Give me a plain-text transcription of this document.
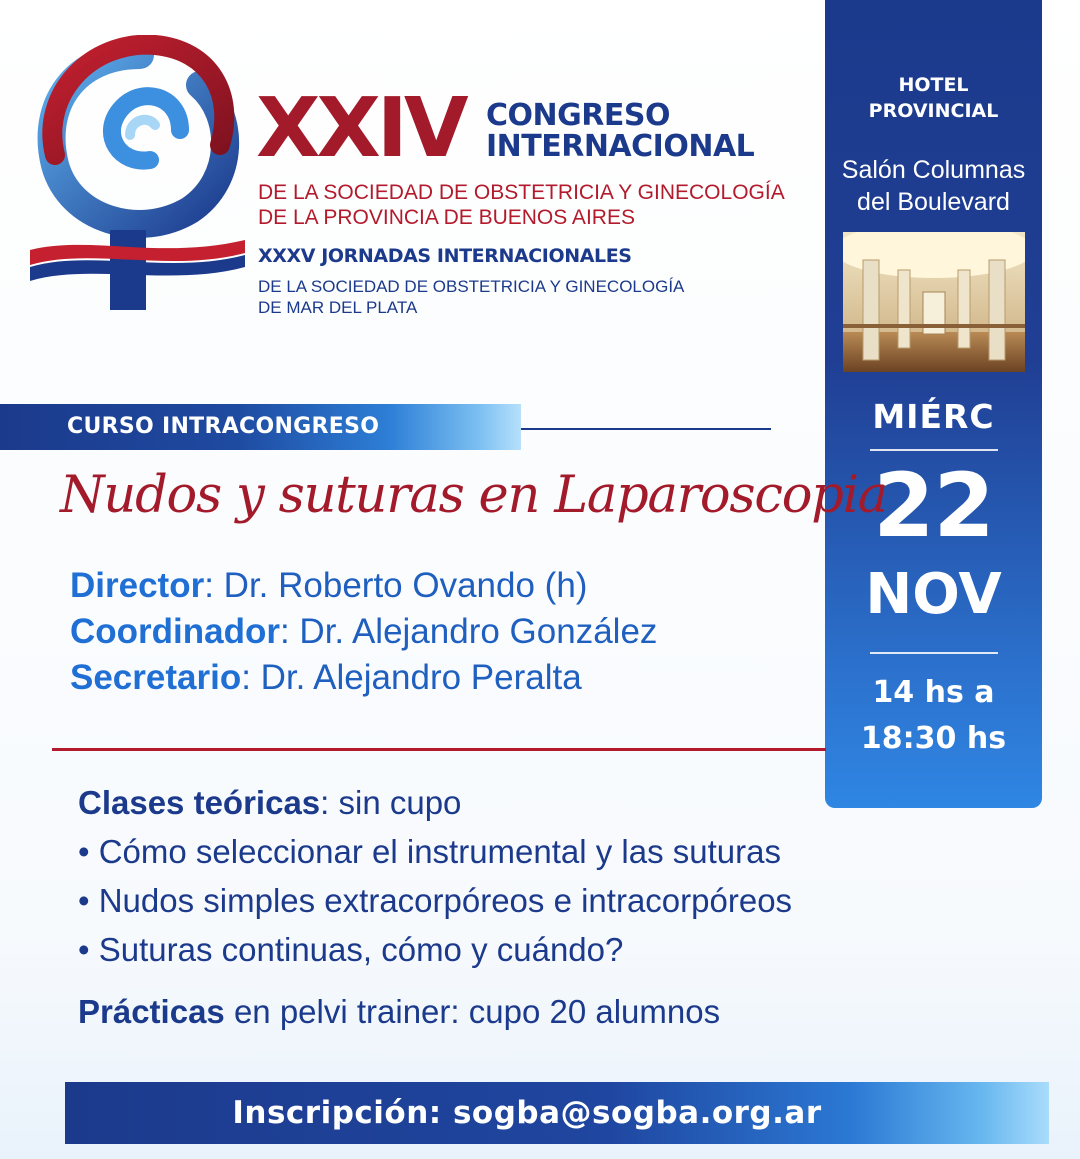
XXIV CONGRESO
INTERNACIONAL
DE LA SOCIEDAD DE OBSTETRICIA Y GINECOLOGÍA
DE LA PROVINCIA DE BUENOS AIRES
XXXV JORNADAS INTERNACIONALES
DE LA SOCIEDAD DE OBSTETRICIA Y GINECOLOGÍA
DE MAR DEL PLATA
HOTEL
PROVINCIAL
Salón Columnas
del Boulevard
MIÉRC
22
NOV
14 hs a
18:30 hs
CURSO INTRACONGRESO
Nudos y suturas en Laparoscopia
Director: Dr. Roberto Ovando (h)
Coordinador: Dr. Alejandro González
Secretario: Dr. Alejandro Peralta
Clases teóricas: sin cupo
• Cómo seleccionar el instrumental y las suturas
• Nudos simples extracorpóreos e intracorpóreos
• Suturas continuas, cómo y cuándo?
Prácticas en pelvi trainer: cupo 20 alumnos
Inscripción: sogba@sogba.org.ar
